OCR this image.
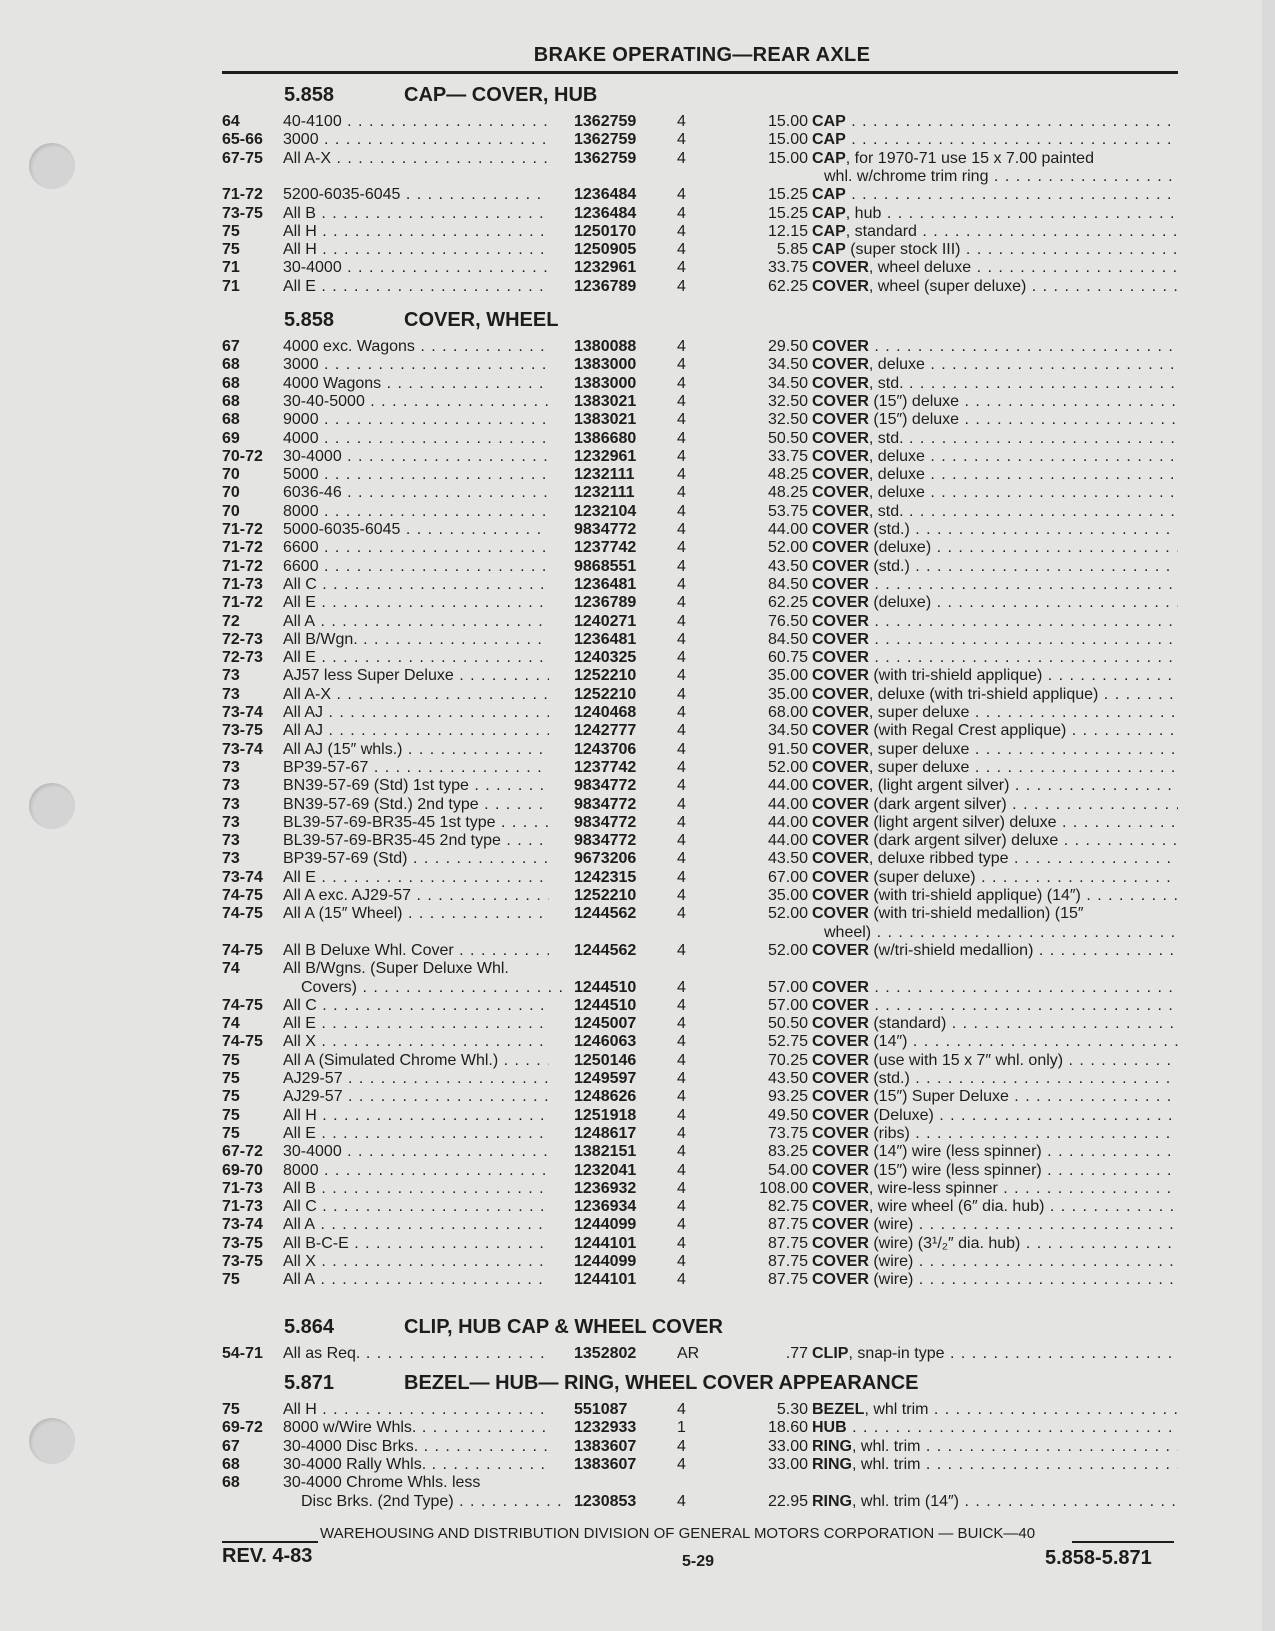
BRAKE OPERATING—REAR AXLE
5.858	CAP— COVER, HUB
64	40-4100 . . .	1362759	4	15.00 CAP . . .
65-66	3000 . . .	1362759	4	15.00 CAP . . .
67-75	All A-X . . .	1362759	4	15.00 CAP, for 1970-71 use 15 x 7.00 painted
whl. w/chrome trim ring . . .
71-72	5200-6035-6045 . . .	1236484	4	15.25 CAP . . .
73-75	All B . . .	1236484	4	15.25 CAP, hub . . .
75	All H . . .	1250170	4	12.15 CAP, standard . . .
75	All H . . .	1250905	4	5.85 CAP (super stock III) . . .
71	30-4000 . . .	1232961	4	33.75 COVER, wheel deluxe . . .
71	All E . . .	1236789	4	62.25 COVER, wheel (super deluxe) . . .
5.858	COVER, WHEEL
67	4000 exc. Wagons . . .	1380088	4	29.50 COVER . . .
68	3000 . . .	1383000	4	34.50 COVER, deluxe . . .
68	4000 Wagons . . .	1383000	4	34.50 COVER, std. . . .
68	30-40-5000 . . .	1383021	4	32.50 COVER (15″) deluxe . . .
68	9000 . . .	1383021	4	32.50 COVER (15″) deluxe . . .
69	4000 . . .	1386680	4	50.50 COVER, std. . . .
70-72	30-4000 . . .	1232961	4	33.75 COVER, deluxe . . .
70	5000 . . .	1232111	4	48.25 COVER, deluxe . . .
70	6036-46 . . .	1232111	4	48.25 COVER, deluxe . . .
70	8000 . . .	1232104	4	53.75 COVER, std. . . .
71-72	5000-6035-6045 . . .	9834772	4	44.00 COVER (std.) . . .
71-72	6600 . . .	1237742	4	52.00 COVER (deluxe) . . .
71-72	6600 . . .	9868551	4	43.50 COVER (std.) . . .
71-73	All C . . .	1236481	4	84.50 COVER . . .
71-72	All E . . .	1236789	4	62.25 COVER (deluxe) . . .
72	All A . . .	1240271	4	76.50 COVER . . .
72-73	All B/Wgn. . . .	1236481	4	84.50 COVER . . .
72-73	All E . . .	1240325	4	60.75 COVER . . .
73	AJ57 less Super Deluxe . . .	1252210	4	35.00 COVER (with tri-shield applique) . . .
73	All A-X . . .	1252210	4	35.00 COVER, deluxe (with tri-shield applique) . . .
73-74	All AJ . . .	1240468	4	68.00 COVER, super deluxe . . .
73-75	All AJ . . .	1242777	4	34.50 COVER (with Regal Crest applique) . . .
73-74	All AJ (15″ whls.) . . .	1243706	4	91.50 COVER, super deluxe . . .
73	BP39-57-67 . . .	1237742	4	52.00 COVER, super deluxe . . .
73	BN39-57-69 (Std) 1st type . . .	9834772	4	44.00 COVER, (light argent silver) . . .
73	BN39-57-69 (Std.) 2nd type . . .	9834772	4	44.00 COVER (dark argent silver) . . .
73	BL39-57-69-BR35-45 1st type . . .	9834772	4	44.00 COVER (light argent silver) deluxe . . .
73	BL39-57-69-BR35-45 2nd type . . .	9834772	4	44.00 COVER (dark argent silver) deluxe . . .
73	BP39-57-69 (Std) . . .	9673206	4	43.50 COVER, deluxe ribbed type . . .
73-74	All E . . .	1242315	4	67.00 COVER (super deluxe) . . .
74-75	All A exc. AJ29-57 . . .	1252210	4	35.00 COVER (with tri-shield applique) (14″) . . .
74-75	All A (15″ Wheel) . . .	1244562	4	52.00 COVER (with tri-shield medallion) (15″
wheel) . . .
74-75	All B Deluxe Whl. Cover . . .	1244562	4	52.00 COVER (w/tri-shield medallion) . . .
74	All B/Wgns. (Super Deluxe Whl.
Covers) . . .	1244510	4	57.00 COVER . . .
74-75	All C . . .	1244510	4	57.00 COVER . . .
74	All E . . .	1245007	4	50.50 COVER (standard) . . .
74-75	All X . . .	1246063	4	52.75 COVER (14″) . . .
75	All A (Simulated Chrome Whl.) . . .	1250146	4	70.25 COVER (use with 15 x 7″ whl. only) . . .
75	AJ29-57 . . .	1249597	4	43.50 COVER (std.) . . .
75	AJ29-57 . . .	1248626	4	93.25 COVER (15″) Super Deluxe . . .
75	All H . . .	1251918	4	49.50 COVER (Deluxe) . . .
75	All E . . .	1248617	4	73.75 COVER (ribs) . . .
67-72	30-4000 . . .	1382151	4	83.25 COVER (14″) wire (less spinner) . . .
69-70	8000 . . .	1232041	4	54.00 COVER (15″) wire (less spinner) . . .
71-73	All B . . .	1236932	4	108.00 COVER, wire-less spinner . . .
71-73	All C . . .	1236934	4	82.75 COVER, wire wheel (6″ dia. hub) . . .
73-74	All A . . .	1244099	4	87.75 COVER (wire) . . .
73-75	All B-C-E . . .	1244101	4	87.75 COVER (wire) (3¹/₂″ dia. hub) . . .
73-75	All X . . .	1244099	4	87.75 COVER (wire) . . .
75	All A . . .	1244101	4	87.75 COVER (wire) . . .
5.864	CLIP, HUB CAP & WHEEL COVER
54-71	All as Req. . . .	1352802	AR	.77 CLIP, snap-in type . . .
5.871	BEZEL— HUB— RING, WHEEL COVER APPEARANCE
75	All H . . .	551087	4	5.30 BEZEL, whl trim . . .
69-72	8000 w/Wire Whls. . . .	1232933	1	18.60 HUB . . .
67	30-4000 Disc Brks. . . .	1383607	4	33.00 RING, whl. trim . . .
68	30-4000 Rally Whls. . . .	1383607	4	33.00 RING, whl. trim . . .
68	30-4000 Chrome Whls. less
Disc Brks. (2nd Type) . . .	1230853	4	22.95 RING, whl. trim (14″) . . .
WAREHOUSING AND DISTRIBUTION DIVISION OF GENERAL MOTORS CORPORATION — BUICK—40
REV. 4-83	5-29	5.858-5.871
